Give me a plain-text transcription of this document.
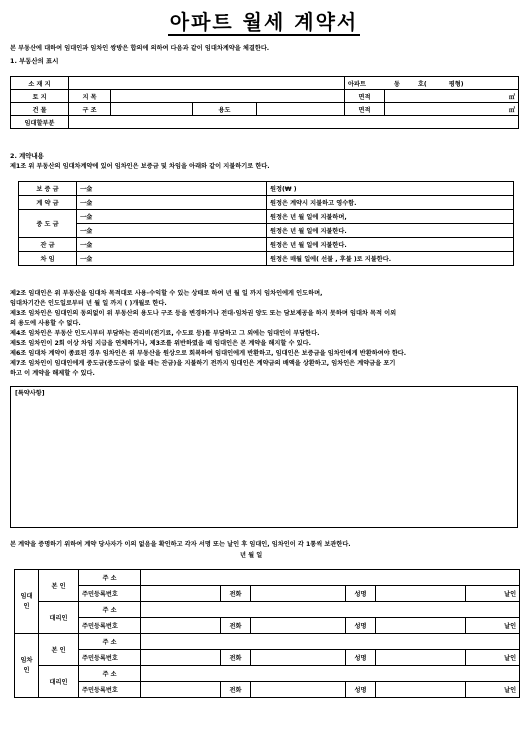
아파트 월세 계약서
본 부동산에 대하여 임대인과 임차인 쌍방은 합의에 의하여 다음과 같이 임대차계약을 체결한다.
1. 부동산의 표시
소 재 지					아파트 동 호( 평형)	
토 지	지 목				면적	㎡
건 물	구 조		용도		면적	㎡
임대할부분						
2. 계약내용
제1조 위 부동산의 임대차계약에 있어 임차인은 보증금 및 차임을 아래와 같이 지불하기로 한다.
보 증 금	一金	원정(₩ )
계 약 금	一金	원정은 계약시 지불하고 영수함.
중 도 금	一金	원정은 년 월 일에 지불하며,
	一金	원정은 년 월 일에 지불한다.
잔 금	一金	원정은 년 월 일에 지불한다.
차 임	一金	원정은 매월 일에( 선불 , 후불 )로 지불한다.
제2조 임대인은 위 부동산을 임대차 목적대로 사용·수익할 수 있는 상태로 하여 년 월 일 까지 임차인에게 인도하며,
임대차기간은 인도일로부터 년 월 일 까지 ( )개월로 한다.
제3조 임차인은 임대인의 동의없이 위 부동산의 용도나 구조 등을 변경하거나 전대·임차권 양도 또는 담보제공을 하지 못하며 임대차 목적 이외
의 용도에 사용할 수 없다.
제4조 임차인은 부동산 인도시부터 부담하는 관리비(전기료, 수도료 등)를 부담하고 그 외에는 임대인이 부담한다.
제5조 임차인이 2회 이상 차임 지급을 연체하거나, 제3조를 위반하였을 때 임대인은 본 계약을 해지할 수 있다.
제6조 임대차 계약이 종료된 경우 임차인은 위 부동산을 원상으로 회복하여 임대인에게 반환하고, 임대인은 보증금을 임차인에게 반환하여야 한다.
제7조 임차인이 임대인에게 중도금(중도금이 없을 때는 잔금)을 지불하기 전까지 임대인은 계약금의 배액을 상환하고, 임차인은 계약금을 포기
하고 이 계약을 해제할 수 있다.
[특약사항]
본 계약을 증명하기 위하여 계약 당사자가 이의 없음을 확인하고 각자 서명 또는 날인 후 임대인, 임차인이 각 1통씩 보관한다.
년 월 일
임대인	본 인	주 소						
		주민등록번호		전화		성명		날인
	대리인	주 소						
		주민등록번호		전화		성명		날인
임차인	본 인	주 소						
		주민등록번호		전화		성명		날인
	대리인	주 소						
		주민등록번호		전화		성명		날인
